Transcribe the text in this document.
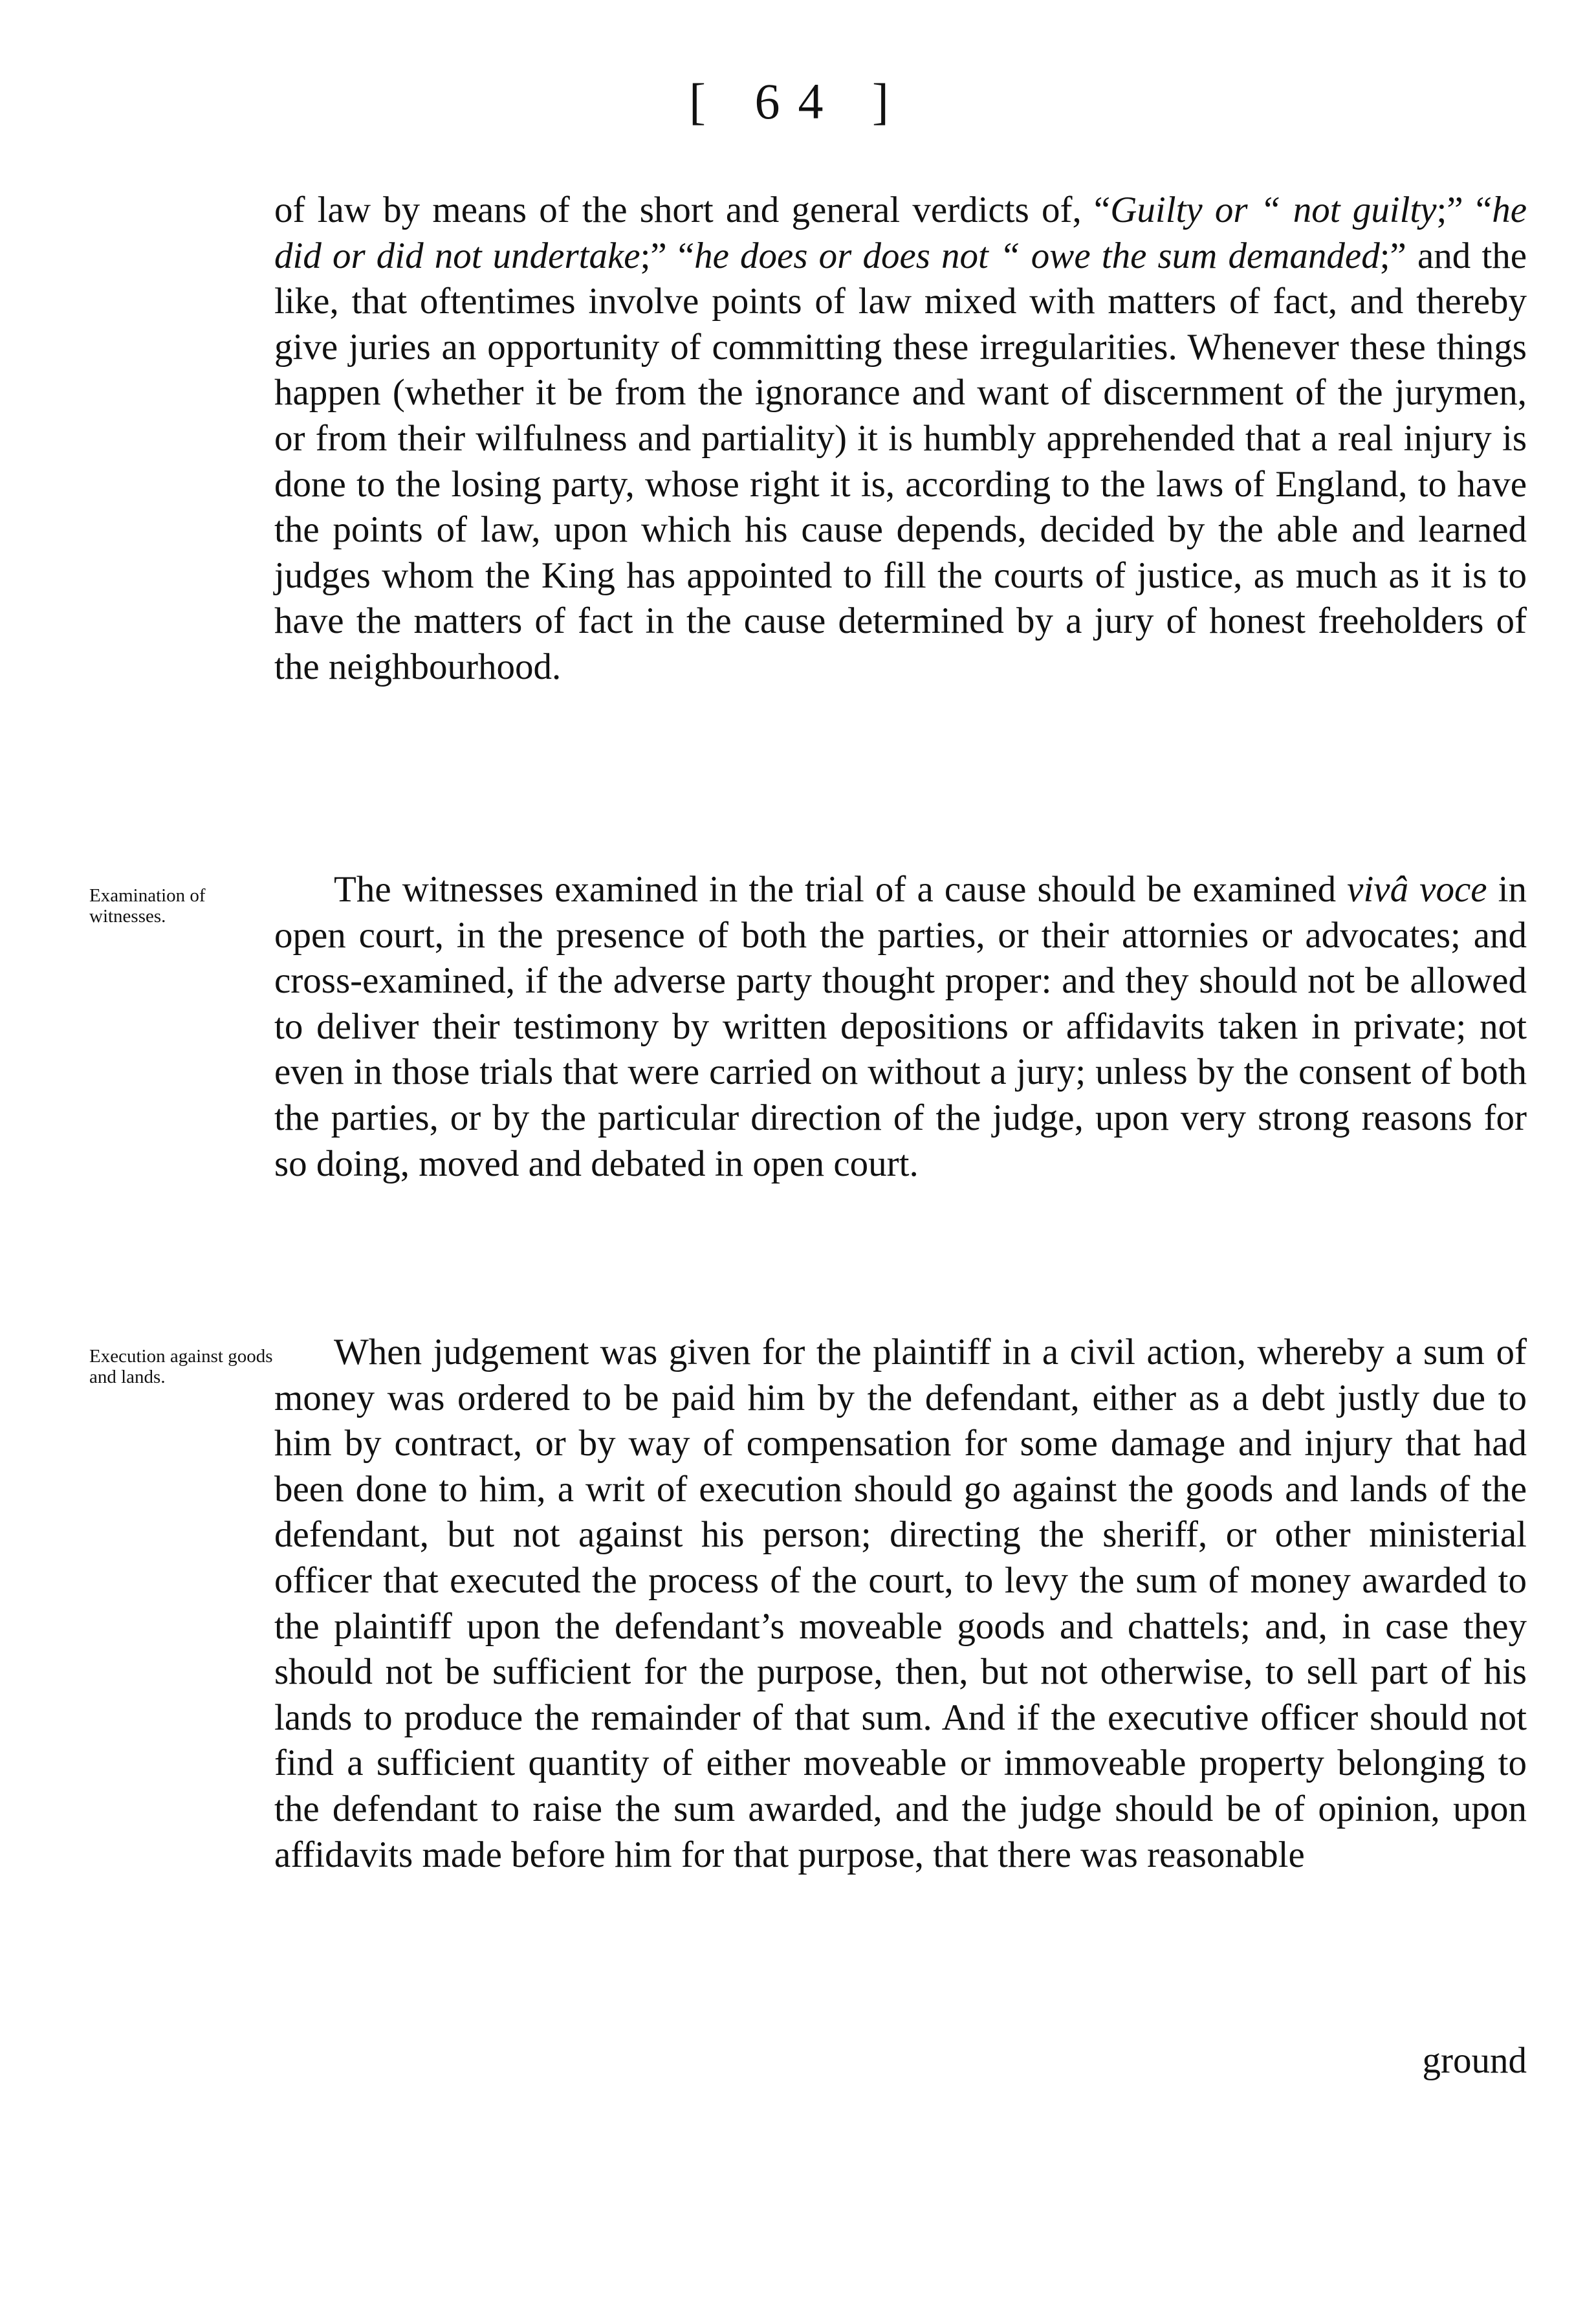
[ 64 ]

of law by means of the short and general verdicts of, “Guilty or “ not guilty;” “he did or did not undertake;” “he does or does not “ owe the sum demanded;” and the like, that oftentimes involve points of law mixed with matters of fact, and thereby give juries an opportunity of committing these irregularities. Whenever these things happen (whether it be from the ignorance and want of discernment of the jurymen, or from their wilfulness and partiality) it is humbly apprehended that a real injury is done to the losing party, whose right it is, according to the laws of England, to have the points of law, upon which his cause depends, decided by the able and learned judges whom the King has appointed to fill the courts of justice, as much as it is to have the matters of fact in the cause determined by a jury of honest freeholders of the neighbourhood.

Examination of witnesses.

The witnesses examined in the trial of a cause should be examined vivâ voce in open court, in the presence of both the parties, or their attornies or advocates; and cross-examined, if the adverse party thought proper: and they should not be allowed to deliver their testimony by written depositions or affidavits taken in private; not even in those trials that were carried on without a jury; unless by the consent of both the parties, or by the particular direction of the judge, upon very strong reasons for so doing, moved and debated in open court.

Execution against goods and lands.

When judgement was given for the plaintiff in a civil action, whereby a sum of money was ordered to be paid him by the defendant, either as a debt justly due to him by contract, or by way of compensation for some damage and injury that had been done to him, a writ of execution should go against the goods and lands of the defendant, but not against his person; directing the sheriff, or other ministerial officer that executed the process of the court, to levy the sum of money awarded to the plaintiff upon the defendant’s moveable goods and chattels; and, in case they should not be sufficient for the purpose, then, but not otherwise, to sell part of his lands to produce the remainder of that sum. And if the executive officer should not find a sufficient quantity of either moveable or immoveable property belonging to the defendant to raise the sum awarded, and the judge should be of opinion, upon affidavits made before him for that purpose, that there was reasonable

ground
